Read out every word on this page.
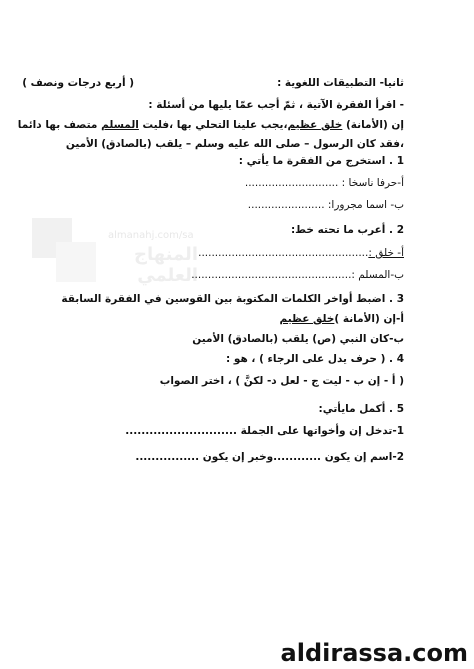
almanahj.com/sa
المنهاج العلمي
ثانيا- التطبيقات اللغوية :
( أربع درجات ونصف )
- اقرأ الفقرة الآتية ، ثمّ أجب عمّا يليها من أسئلة :
إن (الأمانة) خلق عظيم،يجب علينا التحلي بها ،فليت المسلم متصف بها دائما
،فقد كان الرسول – صلى الله عليه وسلم – يلقب (بالصادق) الأمين
1 . استخرج من الفقرة ما يأتي :
أ-حرفا ناسخا : ............................
ب- اسما مجرورا: .......................
2 . أعرب ما تحته خط:
أ- خلق :...................................................
ب-المسلم :................................................
3 . اضبط أواخر الكلمات المكتوبة بين القوسين في الفقرة السابقة
أ-إن (الأمانة )خلق عظيم
ب-كان النبي (ص) يلقب (بالصادق) الأمين
4 . ( حرف يدل على الرجاء ) ، هو :
( أ - إن ب - ليت ج - لعل د- لكنَّ ) ، اختر الصواب
5 . أكمل مايأتي:
1-تدخل إن وأخواتها على الجملة ............................
2-اسم إن يكون ............وخبر إن يكون ................
aldirassa.com
